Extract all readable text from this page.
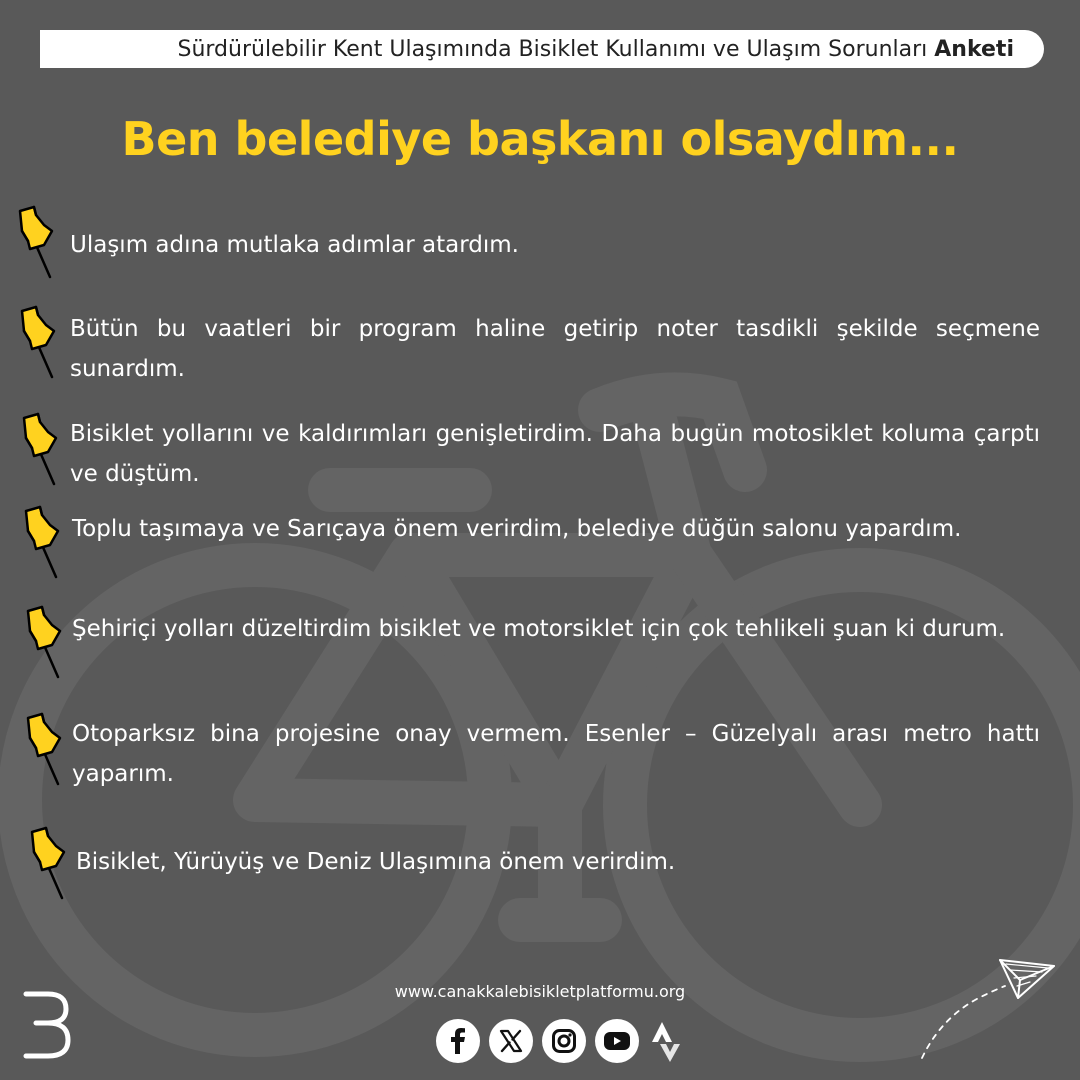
Sürdürülebilir Kent Ulaşımında Bisiklet Kullanımı ve Ulaşım Sorunları Anketi
Ben belediye başkanı olsaydım...
Ulaşım adına mutlaka adımlar atardım.
Bütün bu vaatleri bir program haline getirip noter tasdikli şekilde seçmene sunardım.
Bisiklet yollarını ve kaldırımları genişletirdim. Daha bugün motosiklet koluma çarptı ve düştüm.
Toplu taşımaya ve Sarıçaya önem verirdim, belediye düğün salonu yapardım.
Şehiriçi yolları düzeltirdim bisiklet ve motorsiklet için çok tehlikeli şuan ki durum.
Otoparksız bina projesine onay vermem. Esenler – Güzelyalı arası metro hattı yaparım.
Bisiklet, Yürüyüş ve Deniz Ulaşımına önem verirdim.
www.canakkalebisikletplatformu.org
